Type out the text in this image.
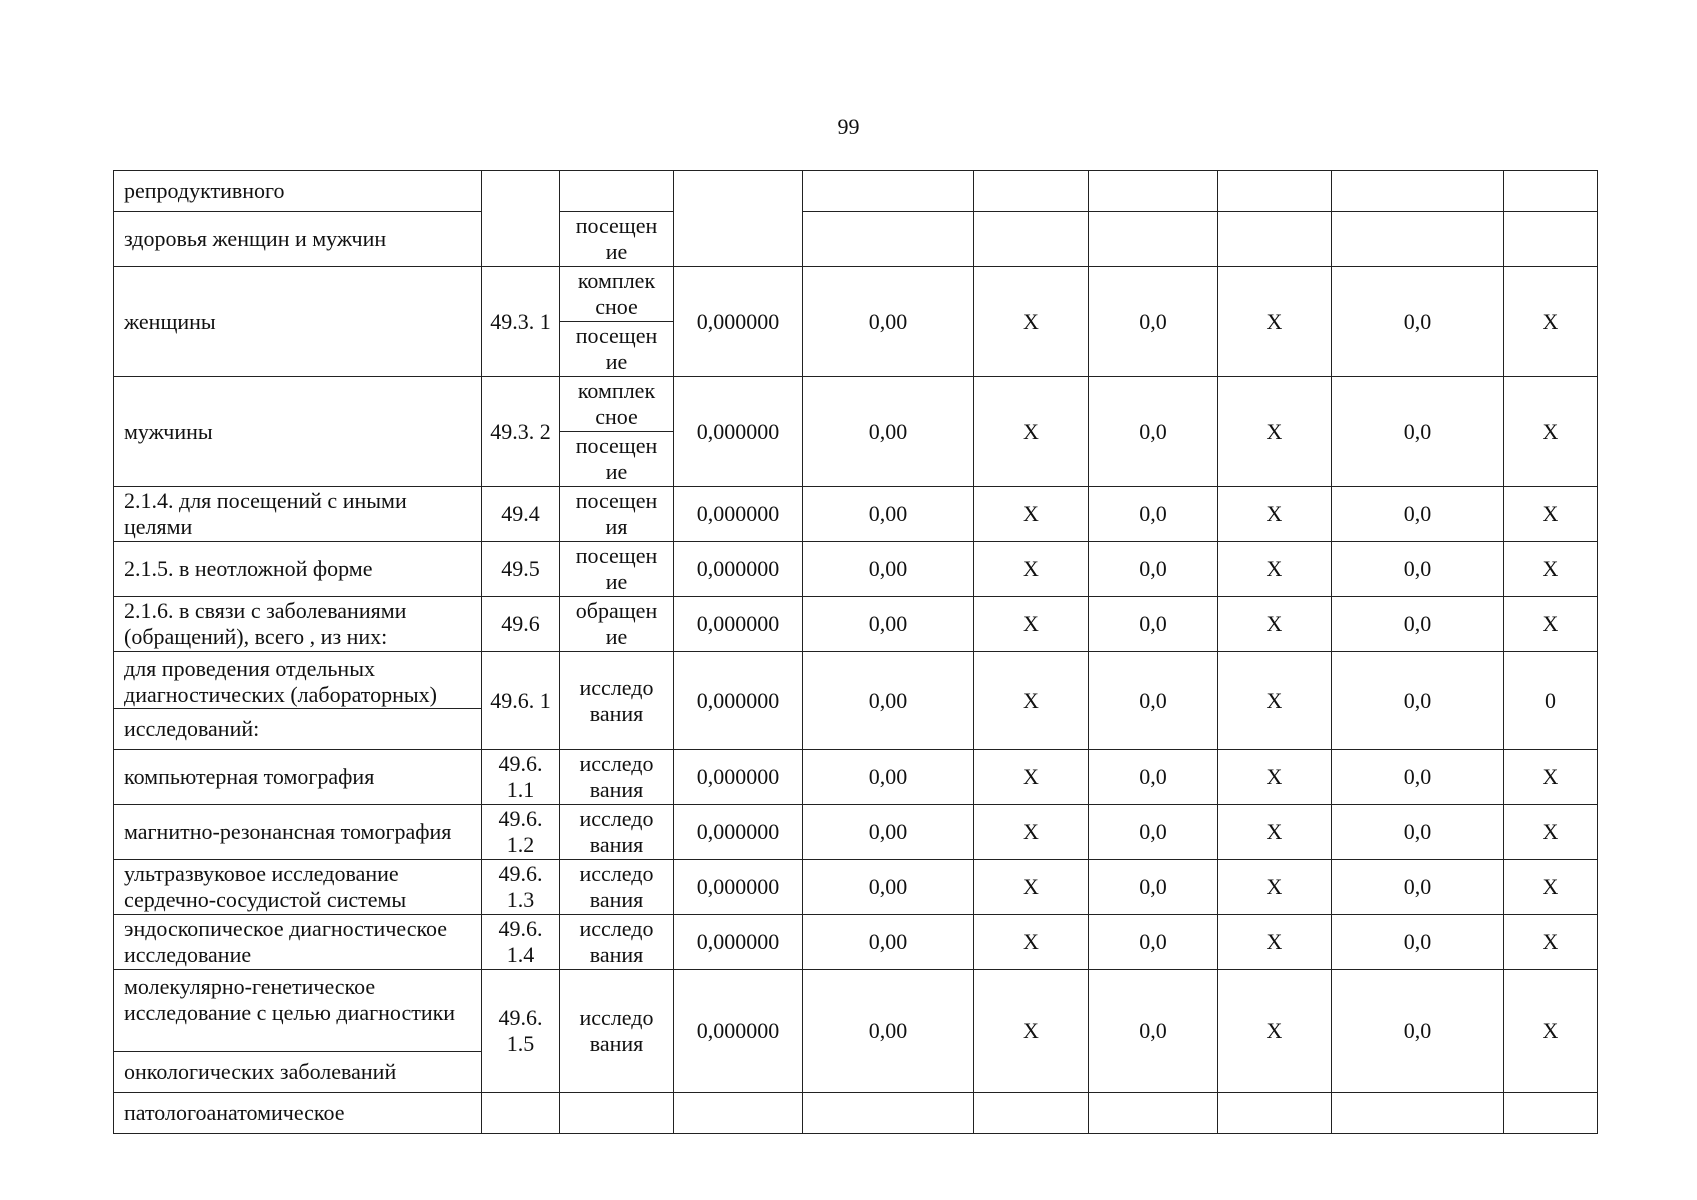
99
репродуктивного									
здоровья женщин и мужчин		посещен ие							
женщины	49.3. 1	комплек сное	0,000000	0,00	Х	0,0	Х	0,0	Х
		посещен ие							
мужчины	49.3. 2	комплек сное	0,000000	0,00	Х	0,0	Х	0,0	Х
		посещен ие							
2.1.4. для посещений с иными целями	49.4	посещен ия	0,000000	0,00	Х	0,0	Х	0,0	Х
2.1.5. в неотложной форме	49.5	посещен ие	0,000000	0,00	Х	0,0	Х	0,0	Х
2.1.6. в связи с заболеваниями (обращений), всего , из них:	49.6	обращен ие	0,000000	0,00	Х	0,0	Х	0,0	Х
для проведения отдельных диагностических (лабораторных)	49.6. 1	исследо вания	0,000000	0,00	Х	0,0	Х	0,0	0
исследований:									
компьютерная томография	49.6. 1.1	исследо вания	0,000000	0,00	Х	0,0	Х	0,0	Х
магнитно-резонансная томография	49.6. 1.2	исследо вания	0,000000	0,00	Х	0,0	Х	0,0	Х
ультразвуковое исследование сердечно-сосудистой системы	49.6. 1.3	исследо вания	0,000000	0,00	Х	0,0	Х	0,0	Х
эндоскопическое диагностическое исследование	49.6. 1.4	исследо вания	0,000000	0,00	Х	0,0	Х	0,0	Х
молекулярно-генетическое исследование с целью диагностики	49.6. 1.5	исследо вания	0,000000	0,00	Х	0,0	Х	0,0	Х
онкологических заболеваний									
патологоанатомическое									
